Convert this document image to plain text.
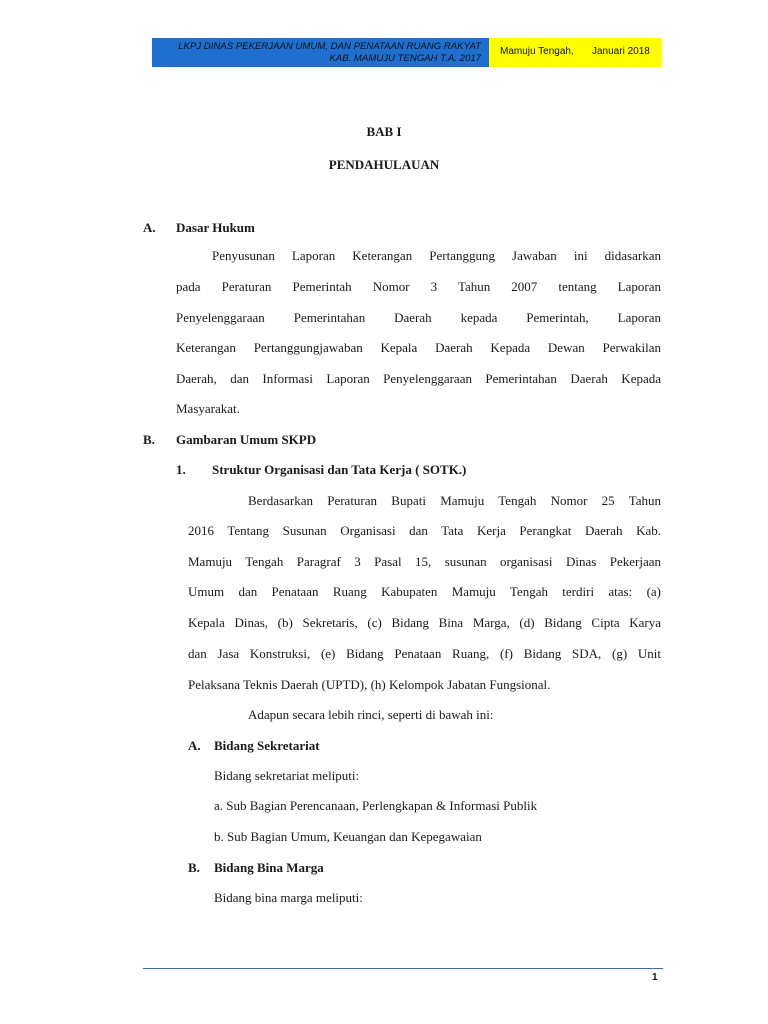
LKPJ DINAS PEKERJAAN UMUM, DAN PENATAAN RUANG RAKYAT
KAB. MAMUJU TENGAH T.A. 2017
Mamuju Tengah, Januari 2018
BAB I
PENDAHULAUAN
A. Dasar Hukum
Penyusunan Laporan Keterangan Pertanggung Jawaban ini didasarkan
pada Peraturan Pemerintah Nomor 3 Tahun 2007 tentang Laporan
Penyelenggaraan Pemerintahan Daerah kepada Pemerintah, Laporan
Keterangan Pertanggungjawaban Kepala Daerah Kepada Dewan Perwakilan
Daerah, dan Informasi Laporan Penyelenggaraan Pemerintahan Daerah Kepada
Masyarakat.
B. Gambaran Umum SKPD
1. Struktur Organisasi dan Tata Kerja ( SOTK.)
Berdasarkan Peraturan Bupati Mamuju Tengah Nomor 25 Tahun
2016 Tentang Susunan Organisasi dan Tata Kerja Perangkat Daerah Kab.
Mamuju Tengah Paragraf 3 Pasal 15, susunan organisasi Dinas Pekerjaan
Umum dan Penataan Ruang Kabupaten Mamuju Tengah terdiri atas: (a)
Kepala Dinas, (b) Sekretaris, (c) Bidang Bina Marga, (d) Bidang Cipta Karya
dan Jasa Konstruksi, (e) Bidang Penataan Ruang, (f) Bidang SDA, (g) Unit
Pelaksana Teknis Daerah (UPTD), (h) Kelompok Jabatan Fungsional.
Adapun secara lebih rinci, seperti di bawah ini:
A. Bidang Sekretariat
Bidang sekretariat meliputi:
a. Sub Bagian Perencanaan, Perlengkapan & Informasi Publik
b. Sub Bagian Umum, Keuangan dan Kepegawaian
B. Bidang Bina Marga
Bidang bina marga meliputi:
1
